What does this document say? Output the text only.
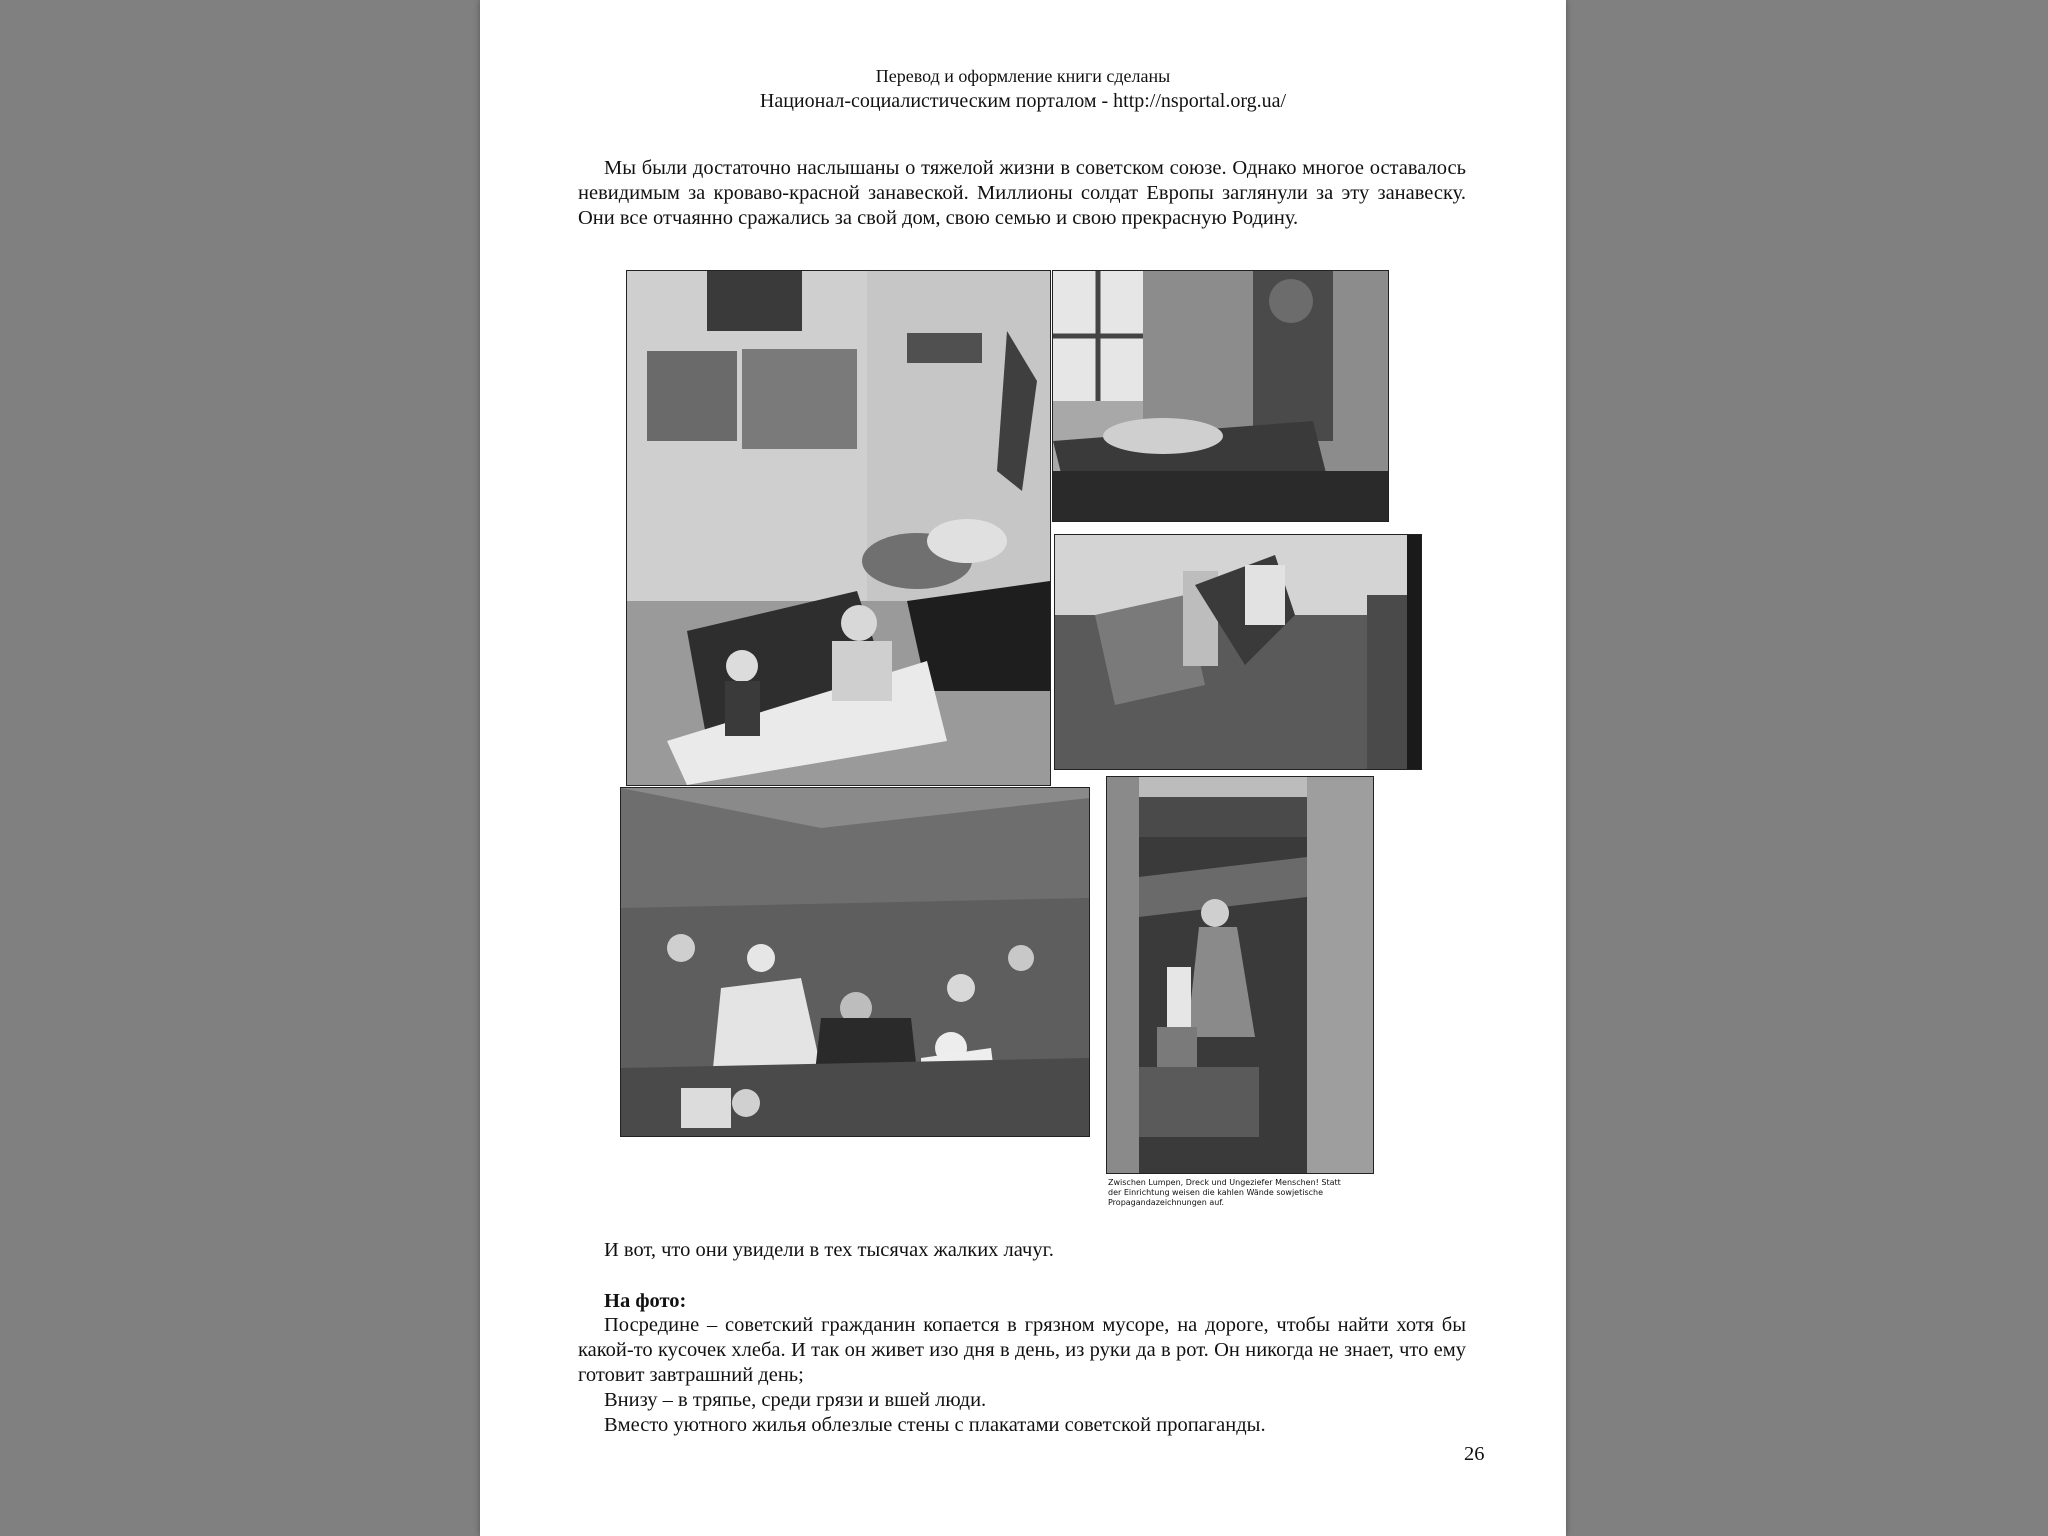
Перевод и оформление книги сделаны
Национал-социалистическим порталом - http://nsportal.org.ua/

Мы были достаточно наслышаны о тяжелой жизни в советском союзе. Однако многое оставалось невидимым за кроваво-красной занавеской. Миллионы солдат Европы заглянули за эту занавеску. Они все отчаянно сражались за свой дом, свою семью и свою прекрасную Родину.

Zwischen Lumpen, Dreck und Ungeziefer Menschen! Statt der Einrichtung weisen die kahlen Wände sowjetische Propagandazeichnungen auf.

И вот, что они увидели в тех тысячах жалких лачуг.

На фото:

Посредине – советский гражданин копается в грязном мусоре, на дороге, чтобы найти хотя бы какой-то кусочек хлеба. И так он живет изо дня в день, из руки да в рот. Он никогда не знает, что ему готовит завтрашний день;

Внизу – в тряпье, среди грязи и вшей люди.

Вместо уютного жилья облезлые стены с плакатами советской пропаганды.

26
